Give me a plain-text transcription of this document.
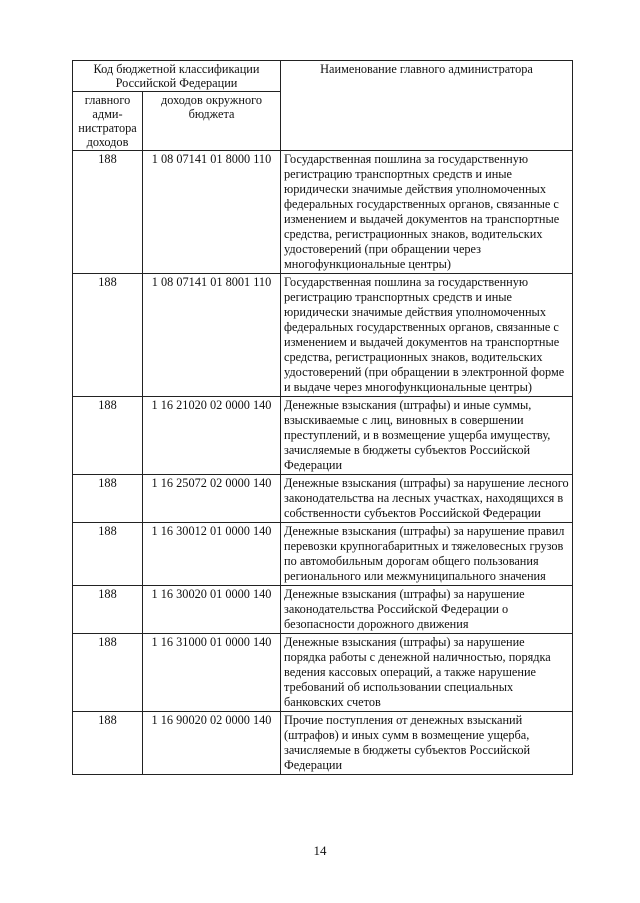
Код бюджетной классификации Российской Федерации		Наименование главного администратора
главного адми-нистратора доходов	доходов окружного бюджета	
188	1 08 07141 01 8000 110	Государственная пошлина за государственную регистрацию транспортных средств и иные юридически значимые действия уполномоченных федеральных государственных органов, связанные с изменением и выдачей документов на транспортные средства, регистрационных знаков, водительских удостоверений (при обращении через многофункциональные центры)
188	1 08 07141 01 8001 110	Государственная пошлина за государственную регистрацию транспортных средств и иные юридически значимые действия уполномоченных федеральных государственных органов, связанные с изменением и выдачей документов на транспортные средства, регистрационных знаков, водительских удостоверений (при обращении в электронной форме и выдаче через многофункциональные центры)
188	1 16 21020 02 0000 140	Денежные взыскания (штрафы) и иные суммы, взыскиваемые с лиц, виновных в совершении преступлений, и в возмещение ущерба имуществу, зачисляемые в бюджеты субъектов Российской Федерации
188	1 16 25072 02 0000 140	Денежные взыскания (штрафы) за нарушение лесного законодательства на лесных участках, находящихся в собственности субъектов Российской Федерации
188	1 16 30012 01 0000 140	Денежные взыскания (штрафы) за нарушение правил перевозки крупногабаритных и тяжеловесных грузов по автомобильным дорогам общего пользования регионального или межмуниципального значения
188	1 16 30020 01 0000 140	Денежные взыскания (штрафы) за нарушение законодательства Российской Федерации о безопасности дорожного движения
188	1 16 31000 01 0000 140	Денежные взыскания (штрафы) за нарушение порядка работы с денежной наличностью, порядка ведения кассовых операций, а также нарушение требований об использовании специальных банковских счетов
188	1 16 90020 02 0000 140	Прочие поступления от денежных взысканий (штрафов) и иных сумм в возмещение ущерба, зачисляемые в бюджеты субъектов Российской Федерации
14
